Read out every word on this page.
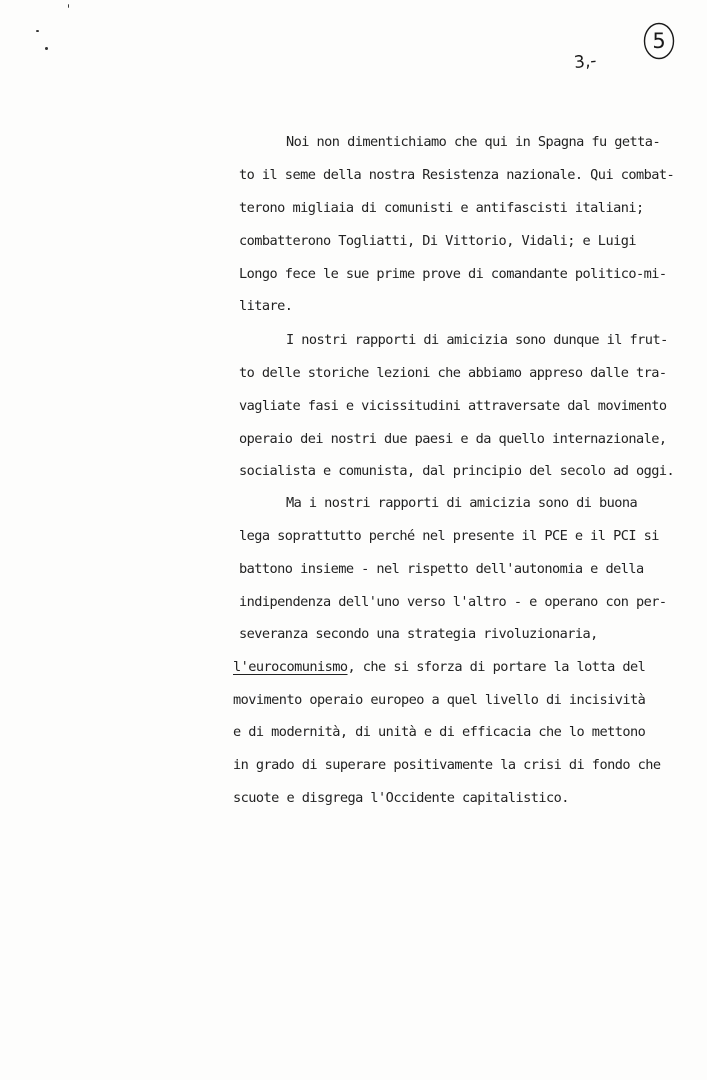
3,-
5
Noi non dimentichiamo che qui in Spagna fu getta-
to il seme della nostra Resistenza nazionale. Qui combat-
terono migliaia di comunisti e antifascisti italiani;
combatterono Togliatti, Di Vittorio, Vidali; e Luigi
Longo fece le sue prime prove di comandante politico-mi-
litare.
I nostri rapporti di amicizia sono dunque il frut-
to delle storiche lezioni che abbiamo appreso dalle tra-
vagliate fasi e vicissitudini attraversate dal movimento
operaio dei nostri due paesi e da quello internazionale,
socialista e comunista, dal principio del secolo ad oggi.
Ma i nostri rapporti di amicizia sono di buona
lega soprattutto perché nel presente il PCE e il PCI si
battono insieme - nel rispetto dell'autonomia e della
indipendenza dell'uno verso l'altro - e operano con per-
severanza secondo una strategia rivoluzionaria,
l'eurocomunismo, che si sforza di portare la lotta del
movimento operaio europeo a quel livello di incisività
e di modernità, di unità e di efficacia che lo mettono
in grado di superare positivamente la crisi di fondo che
scuote e disgrega l'Occidente capitalistico.
